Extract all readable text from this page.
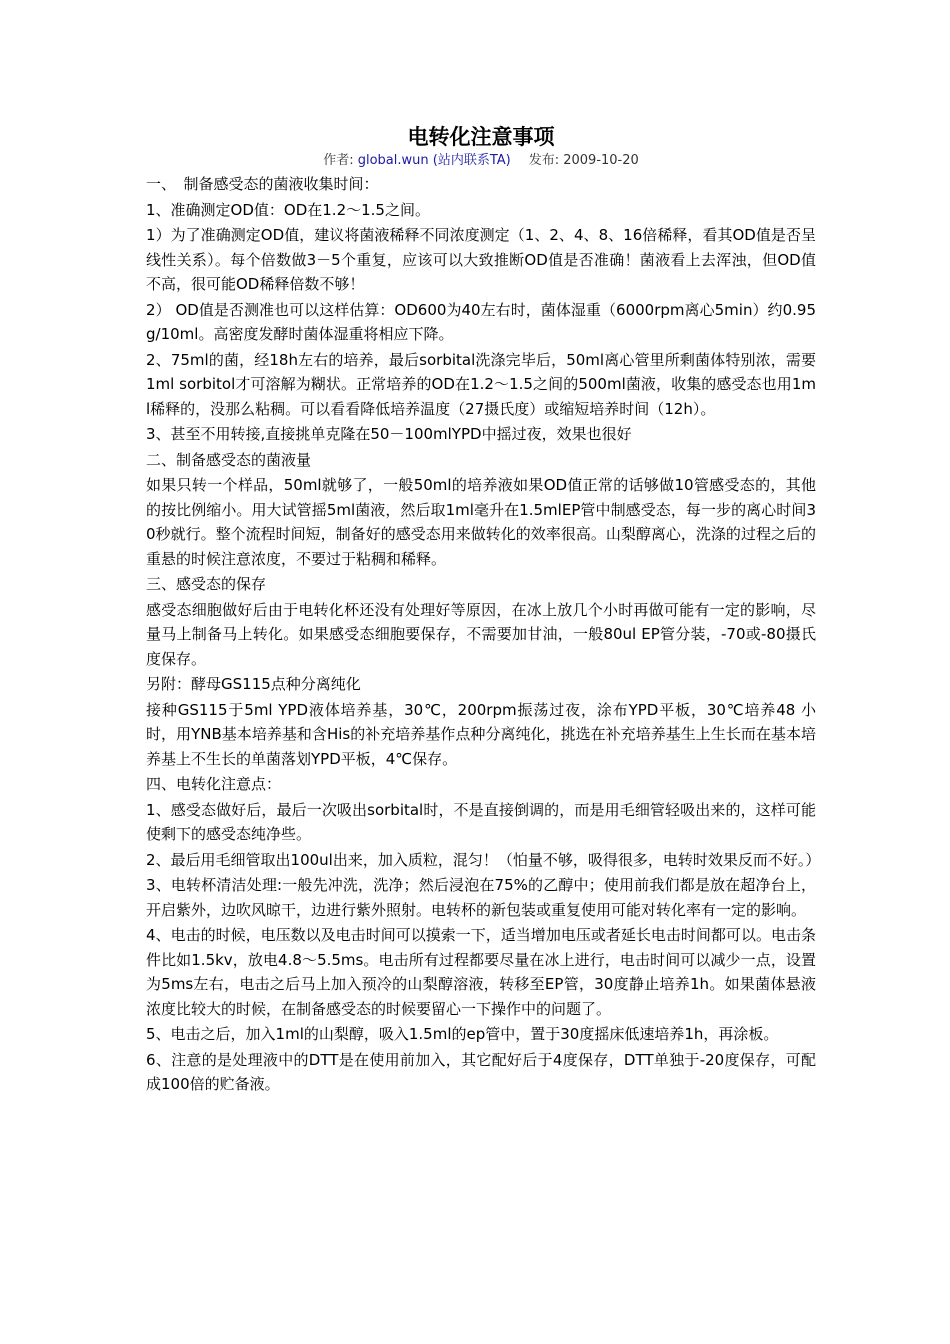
电转化注意事项
作者: global.wun (站内联系TA) 发布: 2009-10-20

一、　制备感受态的菌液收集时间：

1、准确测定OD值：OD在1.2～1.5之间。

1）为了准确测定OD值，建议将菌液稀释不同浓度测定（1、2、4、8、16倍稀释，看其OD值是否呈线性关系）。每个倍数做3－5个重复，应该可以大致推断OD值是否准确！菌液看上去浑浊，但OD值不高，很可能OD稀释倍数不够！

2） OD值是否测准也可以这样估算：OD600为40左右时，菌体湿重（6000rpm离心5min）约0.95g/10ml。高密度发酵时菌体湿重将相应下降。

2、75ml的菌，经18h左右的培养，最后sorbital洗涤完毕后，50ml离心管里所剩菌体特别浓，需要1ml sorbitol才可溶解为糊状。正常培养的OD在1.2～1.5之间的500ml菌液，收集的感受态也用1ml稀释的，没那么粘稠。可以看看降低培养温度（27摄氏度）或缩短培养时间（12h）。

3、甚至不用转接,直接挑单克隆在50－100mlYPD中摇过夜，效果也很好

二、制备感受态的菌液量

如果只转一个样品，50ml就够了，一般50ml的培养液如果OD值正常的话够做10管感受态的，其他的按比例缩小。用大试管摇5ml菌液，然后取1ml毫升在1.5mlEP管中制感受态，每一步的离心时间30秒就行。整个流程时间短，制备好的感受态用来做转化的效率很高。山梨醇离心，洗涤的过程之后的重悬的时候注意浓度，不要过于粘稠和稀释。

三、感受态的保存

感受态细胞做好后由于电转化杯还没有处理好等原因，在冰上放几个小时再做可能有一定的影响，尽量马上制备马上转化。如果感受态细胞要保存，不需要加甘油，一般80ul EP管分装，-70或-80摄氏度保存。

另附：酵母GS115点种分离纯化

接种GS115于5ml YPD液体培养基，30℃，200rpm振荡过夜，涂布YPD平板，30℃培养48 小时，用YNB基本培养基和含His的补充培养基作点种分离纯化，挑选在补充培养基生上生长而在基本培养基上不生长的单菌落划YPD平板，4℃保存。

四、电转化注意点：

1、感受态做好后，最后一次吸出sorbital时，不是直接倒调的，而是用毛细管轻吸出来的，这样可能使剩下的感受态纯净些。

2、最后用毛细管取出100ul出来，加入质粒，混匀！（怕量不够，吸得很多，电转时效果反而不好。）

3、电转杯清洁处理:一般先冲洗，洗净；然后浸泡在75%的乙醇中；使用前我们都是放在超净台上，开启紫外，边吹风晾干，边进行紫外照射。电转杯的新包装或重复使用可能对转化率有一定的影响。

4、电击的时候，电压数以及电击时间可以摸索一下，适当增加电压或者延长电击时间都可以。电击条件比如1.5kv，放电4.8～5.5ms。电击所有过程都要尽量在冰上进行，电击时间可以减少一点，设置为5ms左右，电击之后马上加入预冷的山梨醇溶液，转移至EP管，30度静止培养1h。如果菌体悬液浓度比较大的时候，在制备感受态的时候要留心一下操作中的问题了。

5、电击之后，加入1ml的山梨醇，吸入1.5ml的ep管中，置于30度摇床低速培养1h，再涂板。

6、注意的是处理液中的DTT是在使用前加入，其它配好后于4度保存，DTT单独于-20度保存，可配成100倍的贮备液。
